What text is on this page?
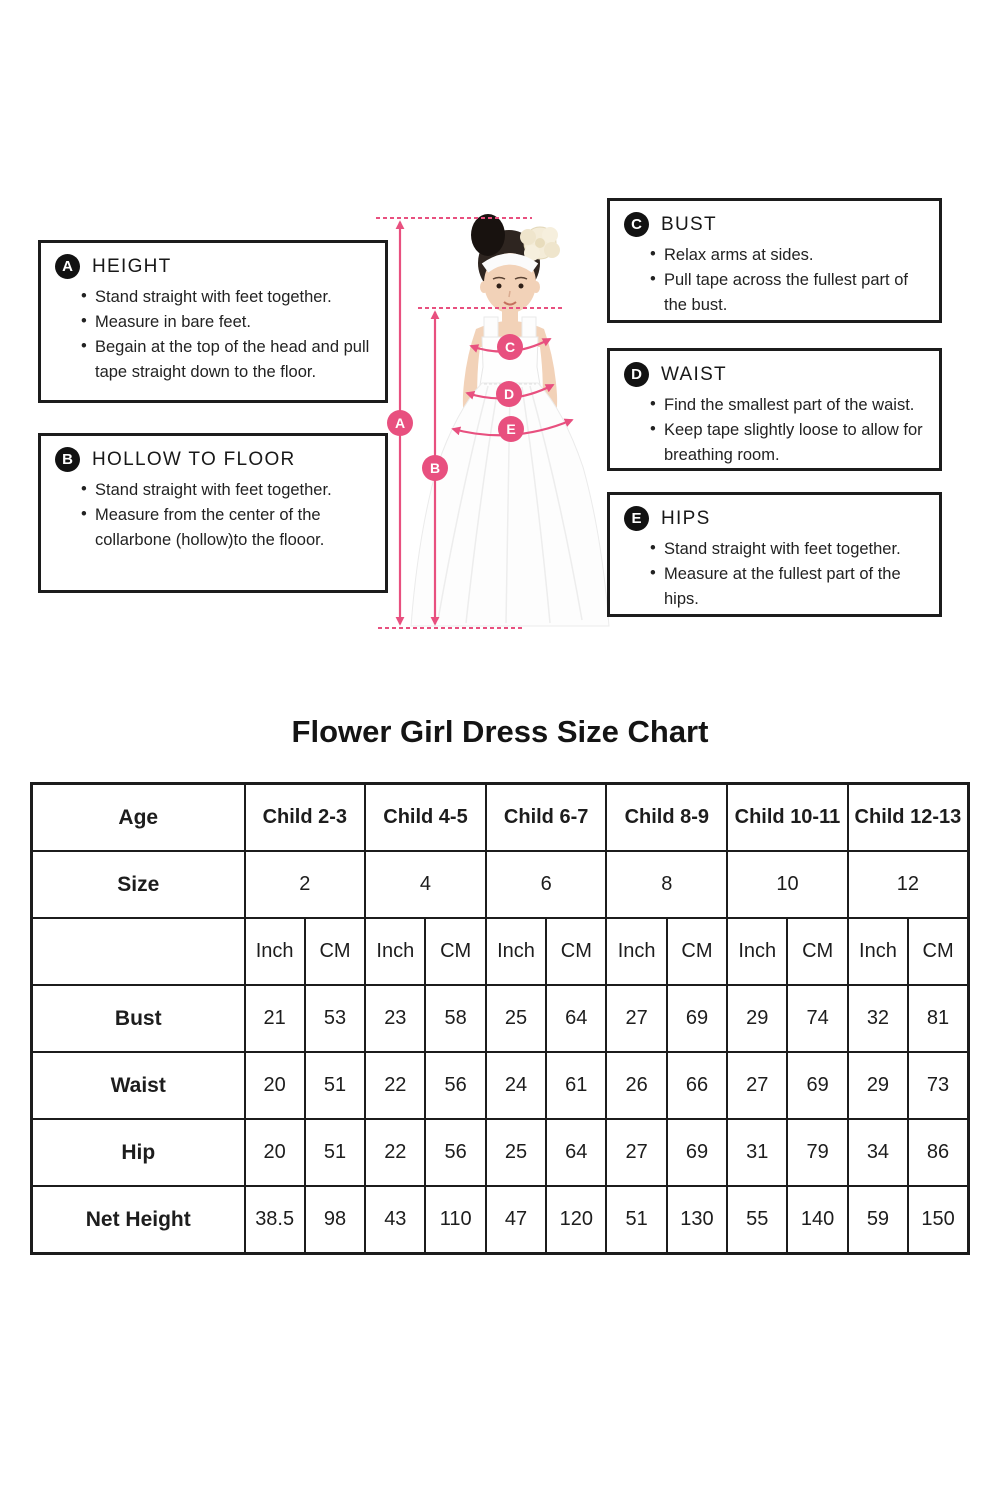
A
B
C
D
E
A	HEIGHT
• Stand straight with feet together.
• Measure in bare feet.
• Begain at the top of the head and pull tape straight down to the floor.
B	HOLLOW TO FLOOR
• Stand straight with feet together.
• Measure from the center of the collarbone (hollow)to the flooor.
C	BUST
• Relax arms at sides.
• Pull tape across the fullest part of the bust.
D	WAIST
• Find the smallest part of the waist.
• Keep tape slightly loose to allow for breathing room.
E	HIPS
• Stand straight with feet together.
• Measure at the fullest part of the hips.
Flower Girl Dress Size Chart
Age	Child 2-3		Child 4-5		Child 6-7		Child 8-9		Child 10-11		Child 12-13	
Size	2		4		6		8		10		12	
	Inch	CM	Inch	CM	Inch	CM	Inch	CM	Inch	CM	Inch	CM
Bust	21	53	23	58	25	64	27	69	29	74	32	81
Waist	20	51	22	56	24	61	26	66	27	69	29	73
Hip	20	51	22	56	25	64	27	69	31	79	34	86
Net Height	38.5	98	43	110	47	120	51	130	55	140	59	150
